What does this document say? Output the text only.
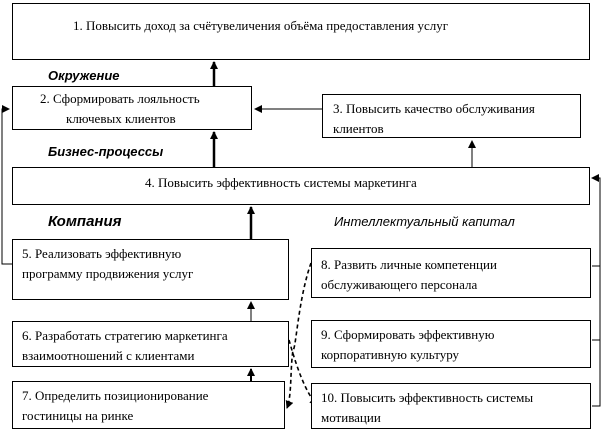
1. Повысить доход за счётувеличения объёма предоставления услуг
Окружение
2. Сформировать лояльность
ключевых клиентов
3. Повысить качество обслуживания
клиентов
Бизнес-процессы
4. Повысить эффективность системы маркетинга
Компания	Интеллектуальный капитал
5. Реализовать эффективную
программу продвижения услуг
8. Развить личные компетенции
обслуживающего персонала
6. Разработать стратегию маркетинга
взаимоотношений с клиентами
9. Сформировать эффективную
корпоративную культуру
7. Определить позиционирование
гостиницы на ринке
10. Повысить эффективность системы
мотивации
